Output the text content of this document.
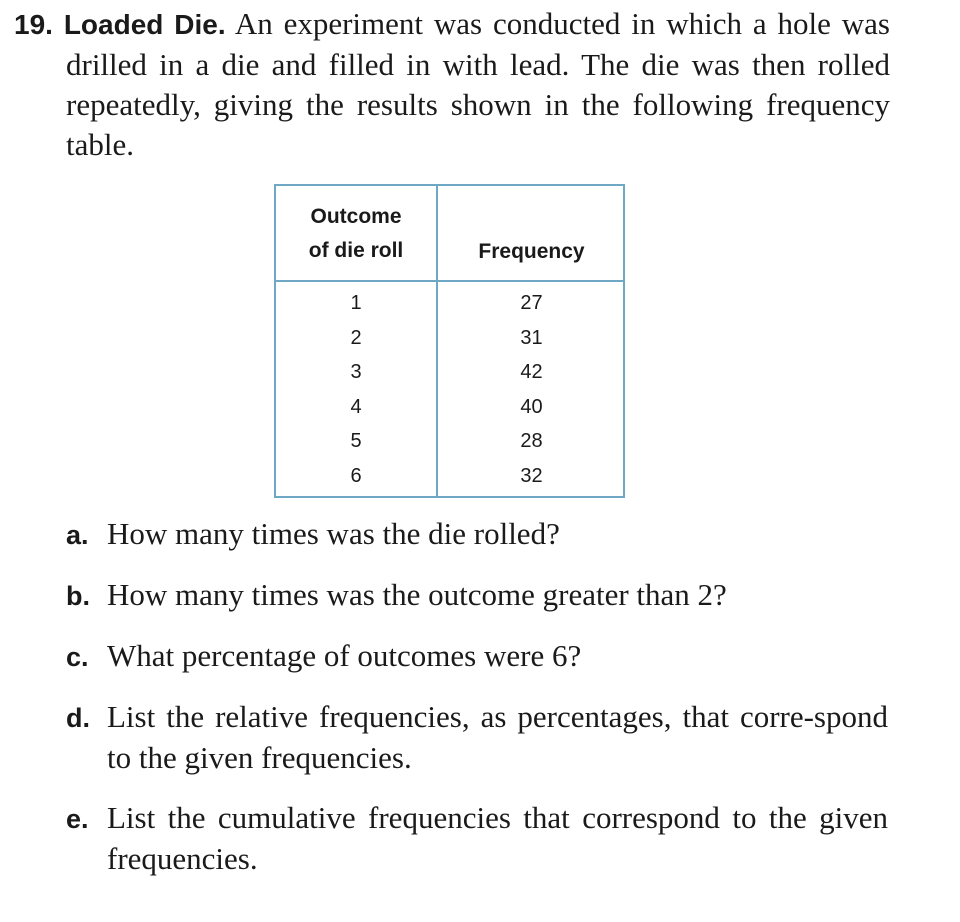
19. Loaded Die. An experiment was conducted in which a hole was drilled in a die and filled in with lead. The die was then rolled repeatedly, giving the results shown in the following frequency table.

Outcome
of die roll	Frequency
1	27
2	31
3	42
4	40
5	28
6	32

a. How many times was the die rolled?

b. How many times was the outcome greater than 2?

c. What percentage of outcomes were 6?

d. List the relative frequencies, as percentages, that corre-spond to the given frequencies.

e. List the cumulative frequencies that correspond to the given frequencies.
